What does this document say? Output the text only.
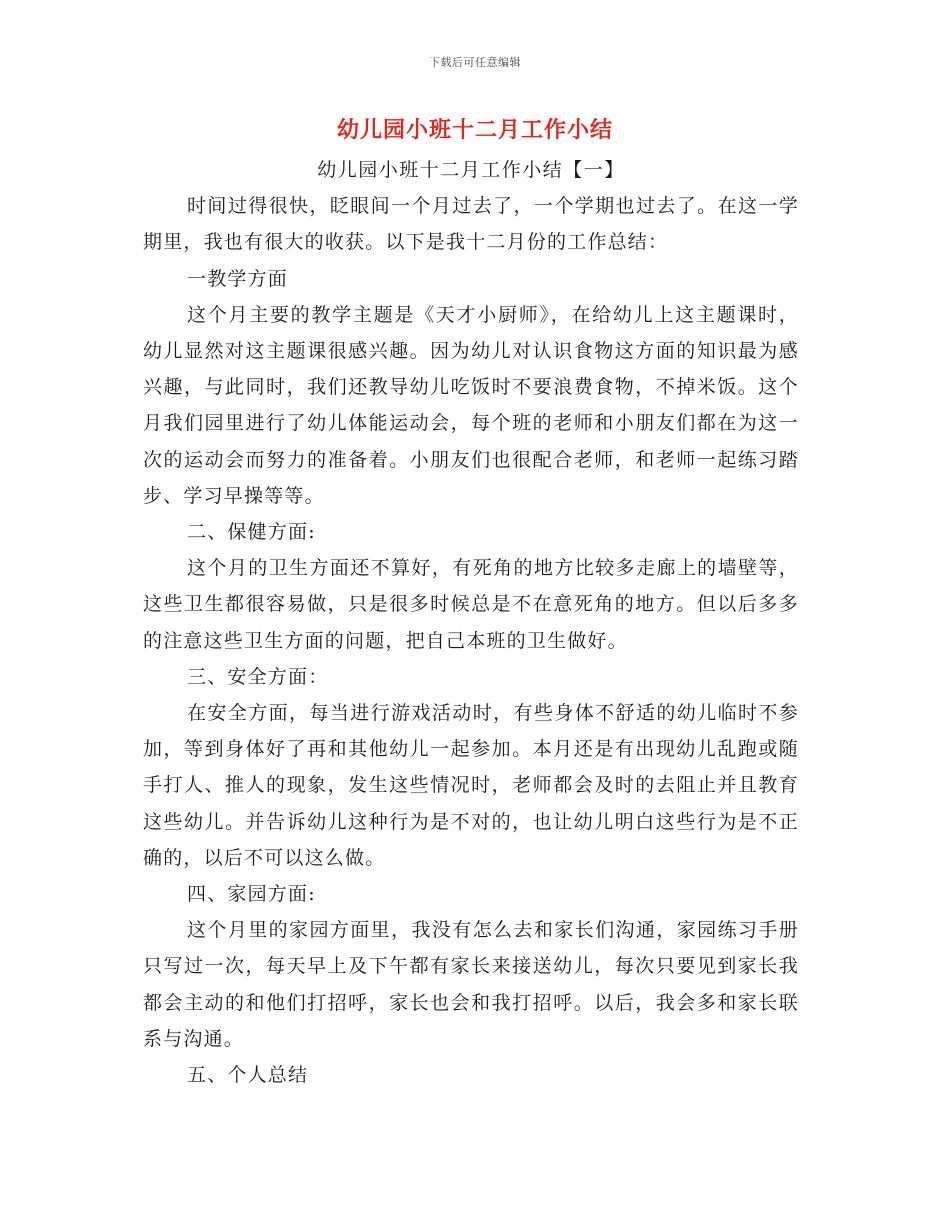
下载后可任意编辑
幼儿园小班十二月工作小结

幼儿园小班十二月工作小结【一】

时间过得很快，眨眼间一个月过去了，一个学期也过去了。在这一学期里，我也有很大的收获。以下是我十二月份的工作总结：

一教学方面

这个月主要的教学主题是《天才小厨师》，在给幼儿上这主题课时，幼儿显然对这主题课很感兴趣。因为幼儿对认识食物这方面的知识最为感兴趣，与此同时，我们还教导幼儿吃饭时不要浪费食物，不掉米饭。这个月我们园里进行了幼儿体能运动会，每个班的老师和小朋友们都在为这一次的运动会而努力的准备着。小朋友们也很配合老师，和老师一起练习踏步、学习早操等等。

二、保健方面:

这个月的卫生方面还不算好，有死角的地方比较多走廊上的墙壁等，这些卫生都很容易做，只是很多时候总是不在意死角的地方。但以后多多的注意这些卫生方面的问题，把自己本班的卫生做好。

三、安全方面：

在安全方面，每当进行游戏活动时，有些身体不舒适的幼儿临时不参加，等到身体好了再和其他幼儿一起参加。本月还是有出现幼儿乱跑或随手打人、推人的现象，发生这些情况时，老师都会及时的去阻止并且教育这些幼儿。并告诉幼儿这种行为是不对的，也让幼儿明白这些行为是不正确的，以后不可以这么做。

四、家园方面:

这个月里的家园方面里，我没有怎么去和家长们沟通，家园练习手册只写过一次，每天早上及下午都有家长来接送幼儿，每次只要见到家长我都会主动的和他们打招呼，家长也会和我打招呼。以后，我会多和家长联系与沟通。

五、个人总结
